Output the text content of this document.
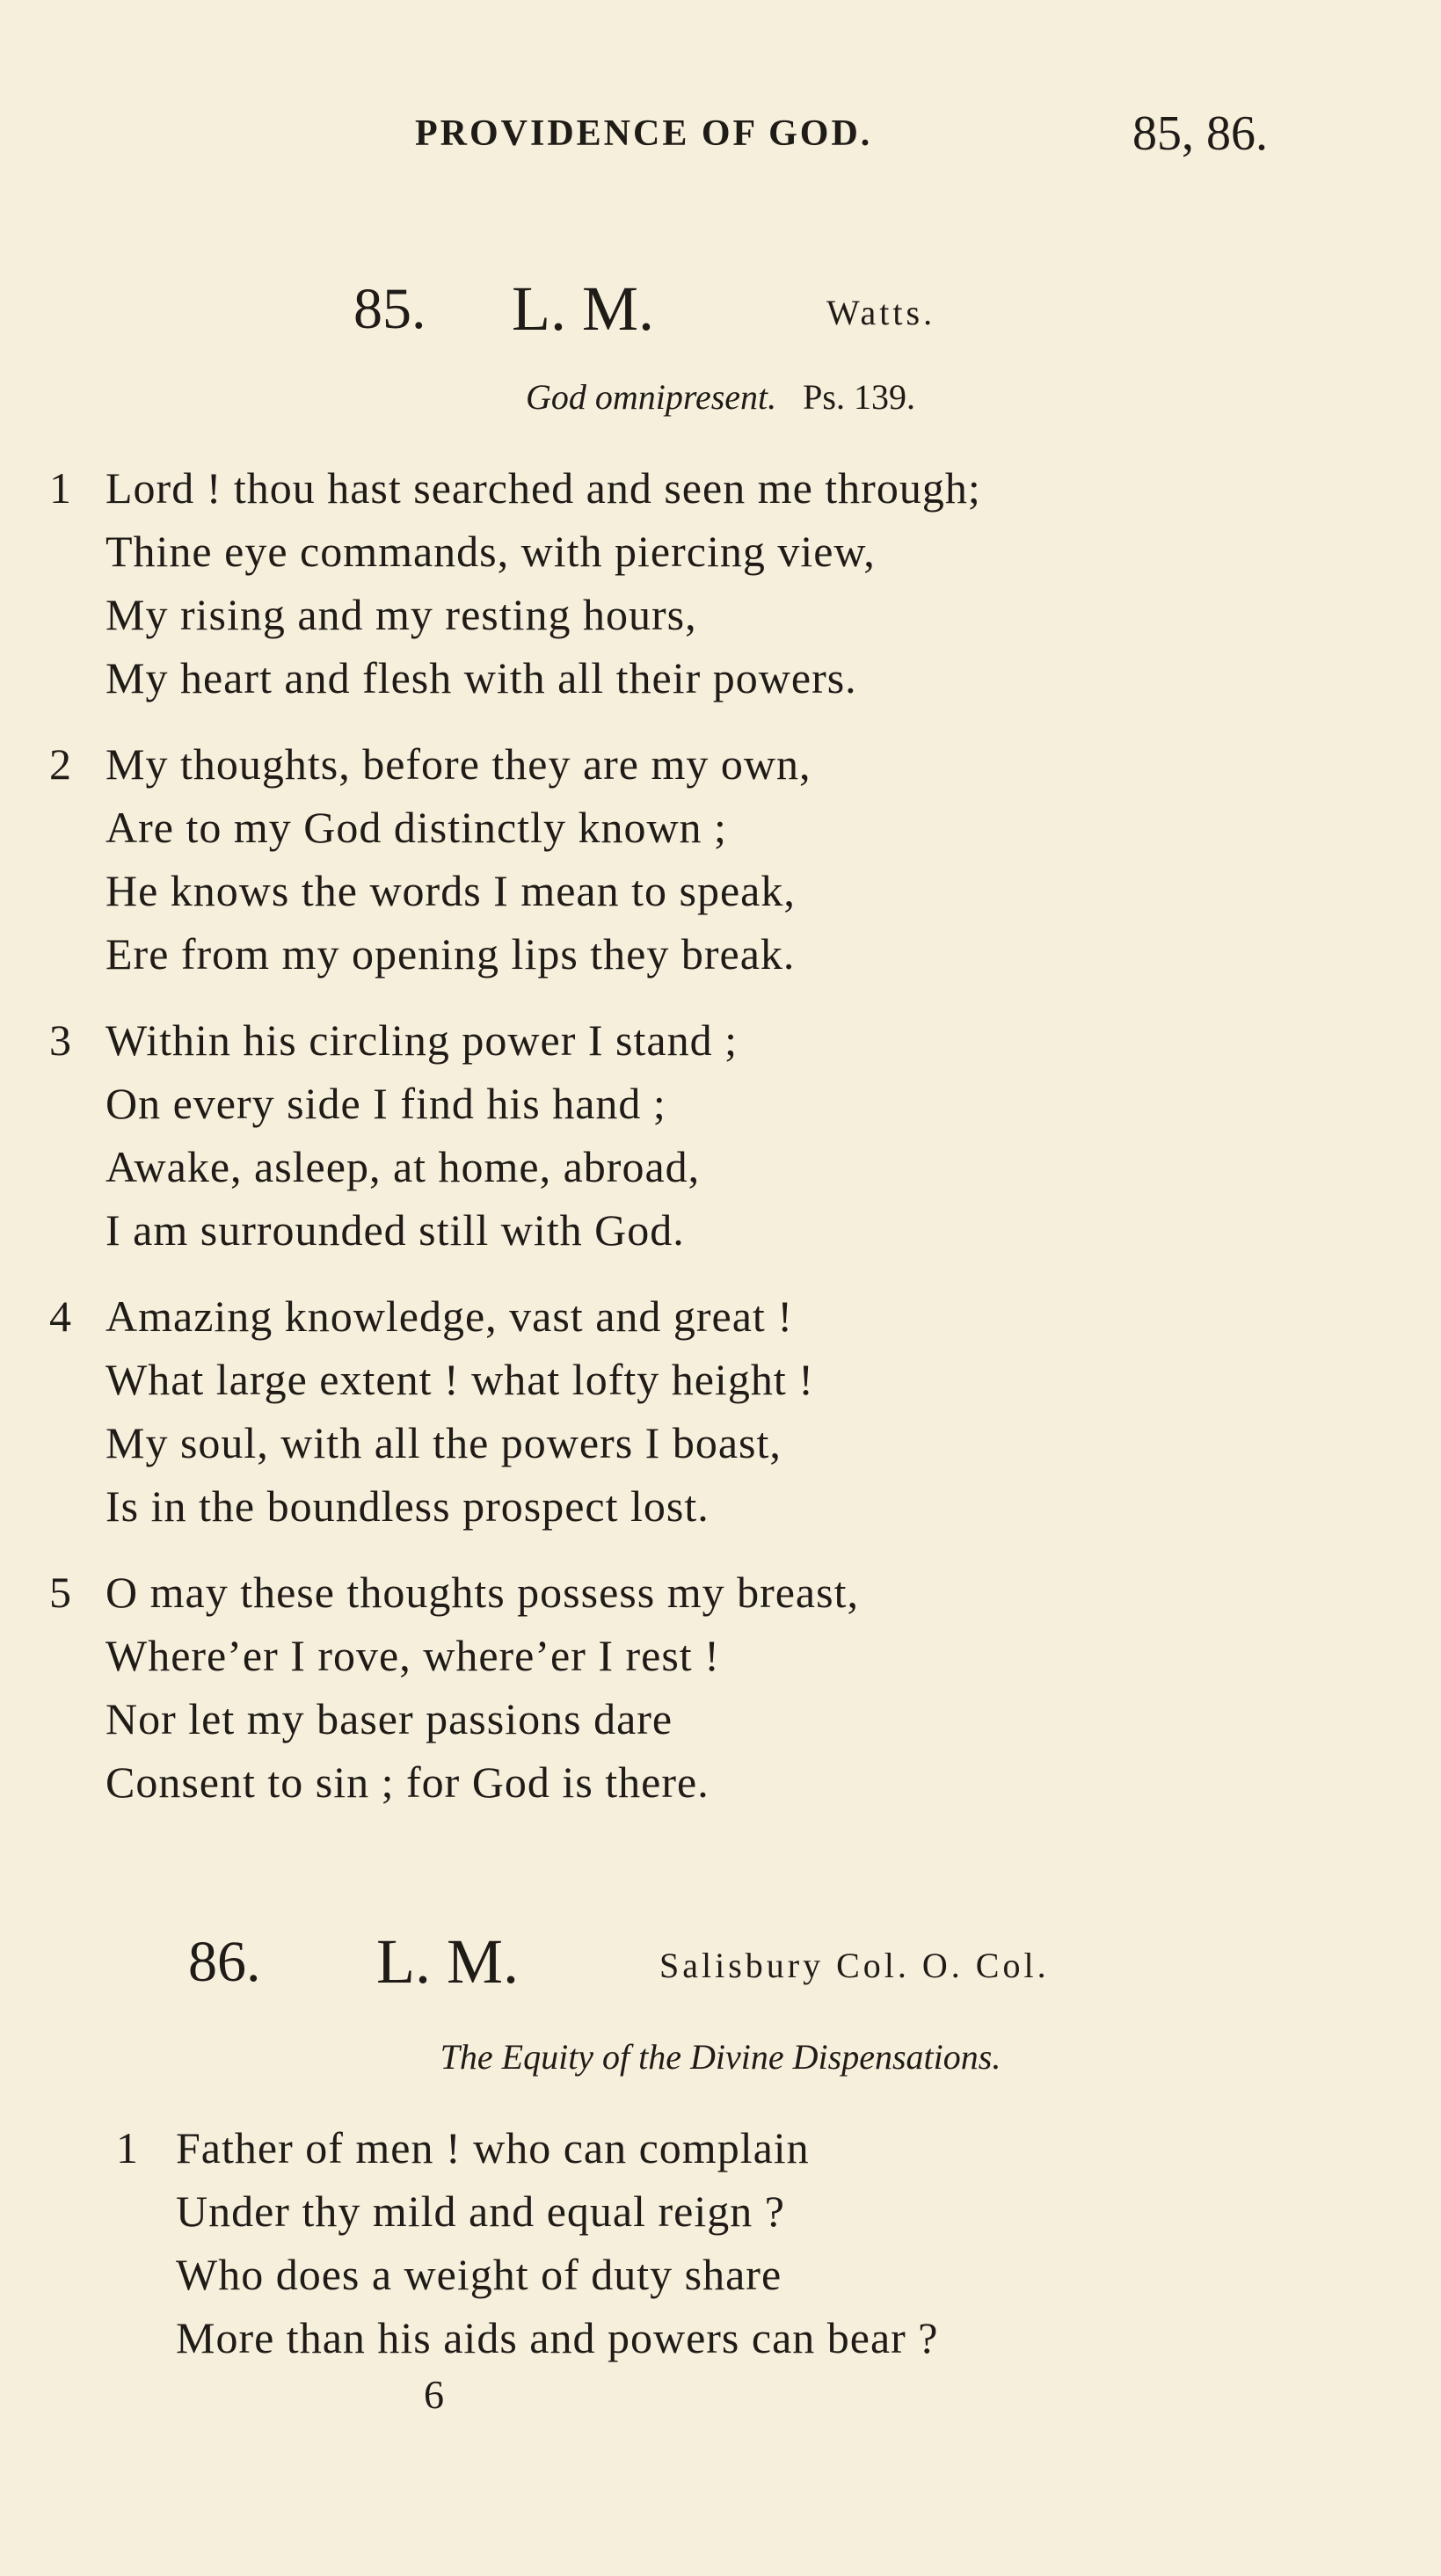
PROVIDENCE OF GOD.	85, 86.
85. L. M.	Watts.
God omnipresent. Ps. 139.
1 Lord ! thou hast searched and seen me through;
Thine eye commands, with piercing view,
My rising and my resting hours,
My heart and flesh with all their powers.
2 My thoughts, before they are my own,
Are to my God distinctly known ;
He knows the words I mean to speak,
Ere from my opening lips they break.
3 Within his circling power I stand ;
On every side I find his hand ;
Awake, asleep, at home, abroad,
I am surrounded still with God.
4 Amazing knowledge, vast and great !
What large extent ! what lofty height !
My soul, with all the powers I boast,
Is in the boundless prospect lost.
5 O may these thoughts possess my breast,
Where’er I rove, where’er I rest !
Nor let my baser passions dare
Consent to sin ; for God is there.
86. L. M.	Salisbury Col. O. Col.
The Equity of the Divine Dispensations.
1 Father of men ! who can complain
Under thy mild and equal reign ?
Who does a weight of duty share
More than his aids and powers can bear ?
6
